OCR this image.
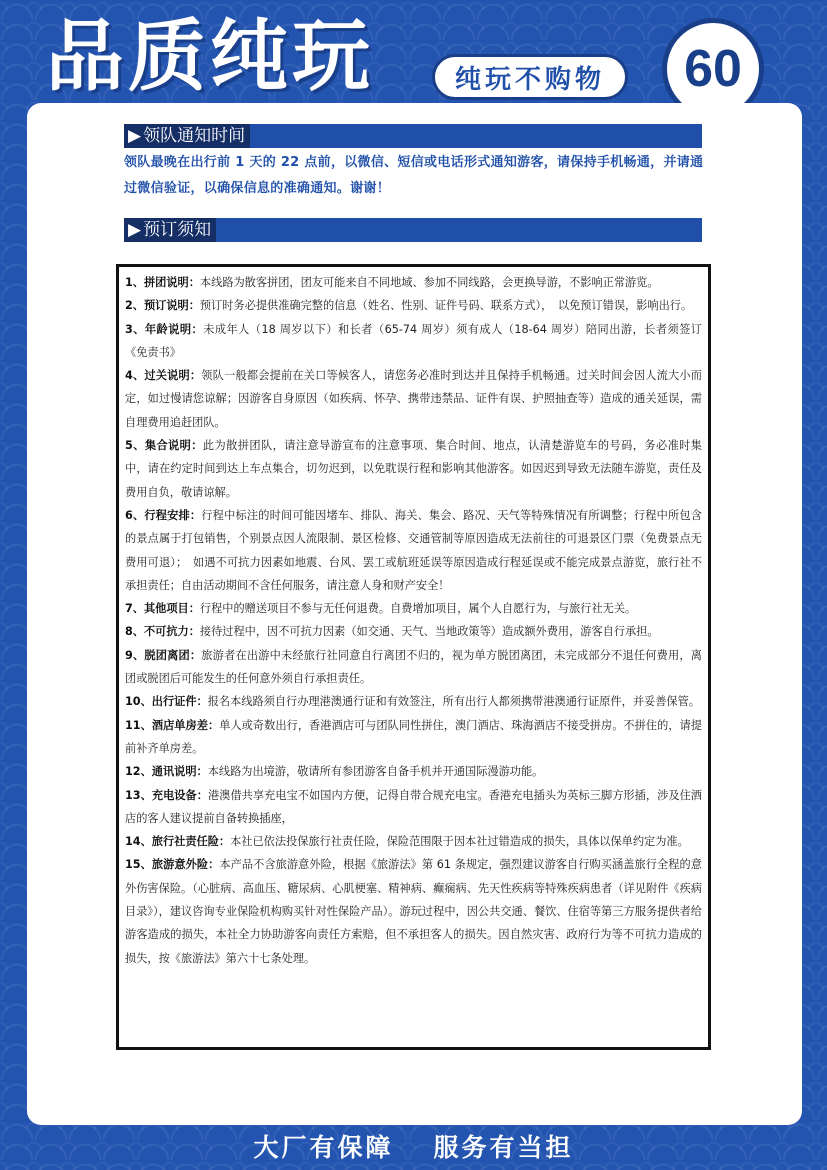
品质纯玩	纯玩不购物	60
▶ 领队通知时间
领队最晚在出行前 1 天的 22 点前，以微信、短信或电话形式通知游客，请保持手机畅通，并请通过微信验证，以确保信息的准确通知。谢谢！
▶ 预订须知
1、拼团说明：本线路为散客拼团，团友可能来自不同地域、参加不同线路，会更换导游，不影响正常游览。
2、预订说明：预订时务必提供准确完整的信息（姓名、性别、证件号码、联系方式），　以免预订错误，影响出行。
3、年龄说明：未成年人（18 周岁以下）和长者（65-74 周岁）须有成人（18-64 周岁）陪同出游，长者须签订《免责书》
4、过关说明：领队一般都会提前在关口等候客人，请您务必准时到达并且保持手机畅通。过关时间会因人流大小而定，如过慢请您谅解；因游客自身原因（如疾病、怀孕、携带违禁品、证件有误、护照抽查等）造成的通关延误，需自理费用追赶团队。
5、集合说明：此为散拼团队，请注意导游宣布的注意事项、集合时间、地点，认清楚游览车的号码，务必准时集中，请在约定时间到达上车点集合，切勿迟到，以免耽误行程和影响其他游客。如因迟到导致无法随车游览，责任及费用自负，敬请谅解。
6、行程安排：行程中标注的时间可能因堵车、排队、海关、集会、路况、天气等特殊情况有所调整；行程中所包含的景点属于打包销售，个别景点因人流限制、景区检修、交通管制等原因造成无法前往的可退景区门票（免费景点无费用可退）；　如遇不可抗力因素如地震、台风、罢工或航班延误等原因造成行程延误或不能完成景点游览，旅行社不承担责任；自由活动期间不含任何服务，请注意人身和财产安全！
7、其他项目：行程中的赠送项目不参与无任何退费。自费增加项目，属个人自愿行为，与旅行社无关。
8、不可抗力：接待过程中，因不可抗力因素（如交通、天气、当地政策等）造成额外费用，游客自行承担。
9、脱团离团：旅游者在出游中未经旅行社同意自行离团不归的，视为单方脱团离团，未完成部分不退任何费用，离团或脱团后可能发生的任何意外须自行承担责任。
10、出行证件：报名本线路须自行办理港澳通行证和有效签注，所有出行人都须携带港澳通行证原件，并妥善保管。
11、酒店单房差：单人或奇数出行，香港酒店可与团队同性拼住，澳门酒店、珠海酒店不接受拼房。不拼住的，请提前补齐单房差。
12、通讯说明：本线路为出境游，敬请所有参团游客自备手机并开通国际漫游功能。
13、充电设备：港澳借共享充电宝不如国内方便，记得自带合规充电宝。香港充电插头为英标三脚方形插，涉及住酒店的客人建议提前自备转换插座，
14、旅行社责任险：本社已依法投保旅行社责任险，保险范围限于因本社过错造成的损失，具体以保单约定为准。
15、旅游意外险：本产品不含旅游意外险，根据《旅游法》第 61 条规定，强烈建议游客自行购买涵盖旅行全程的意外伤害保险。（心脏病、高血压、糖尿病、心肌梗塞、精神病、癫痫病、先天性疾病等特殊疾病患者（详见附件《疾病目录》），建议咨询专业保险机构购买针对性保险产品）。游玩过程中，因公共交通、餐饮、住宿等第三方服务提供者给游客造成的损失，本社全力协助游客向责任方索赔，但不承担客人的损失。因自然灾害、政府行为等不可抗力造成的损失，按《旅游法》第六十七条处理。
大厂有保障 服务有当担
